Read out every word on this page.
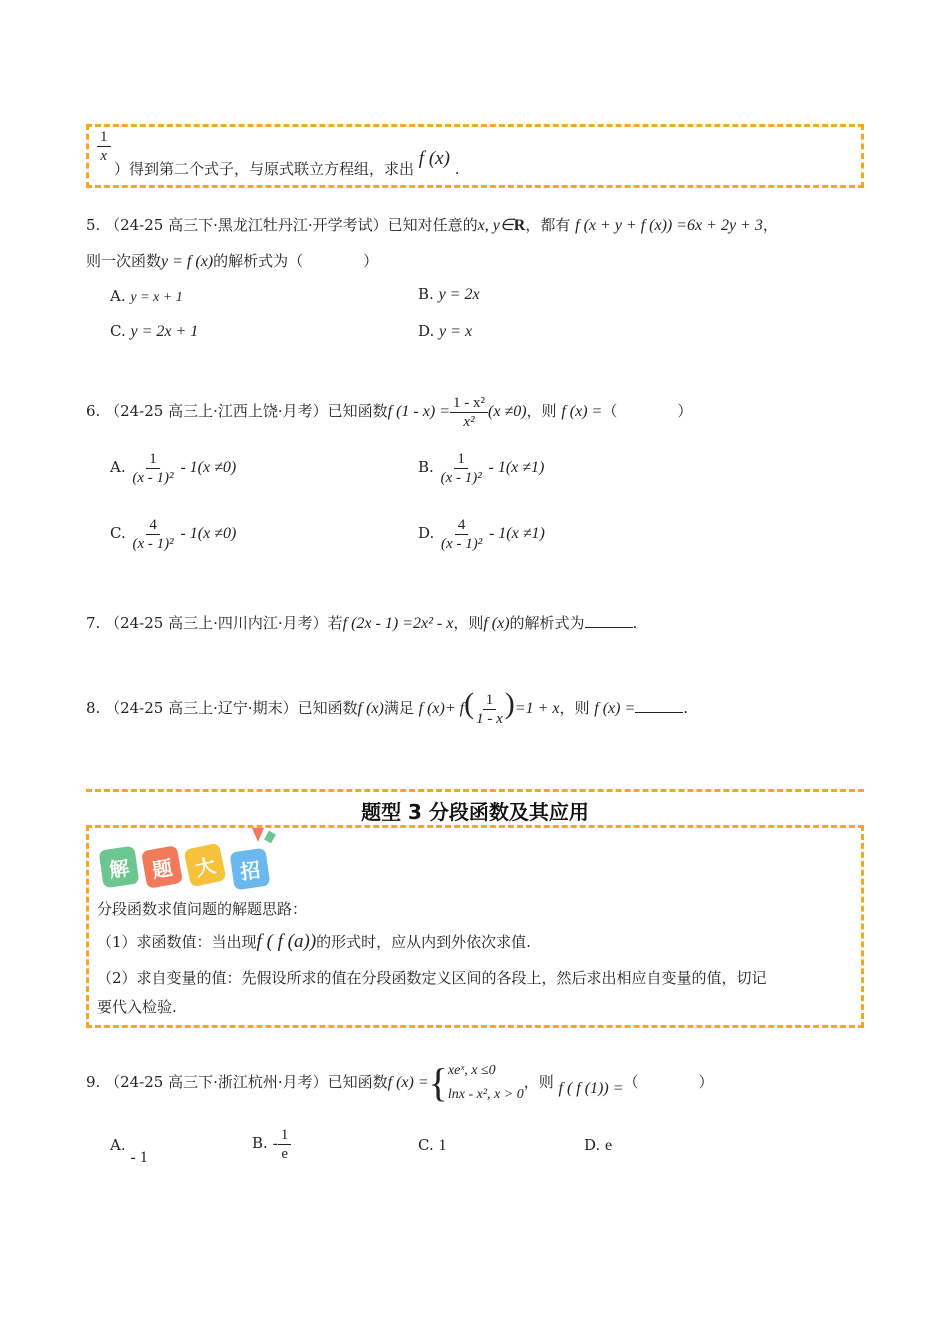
$\frac{1}{x}$
）得到第二个式子，与原式联立方程组，求出 f (x) .
5. （24-25 高三下·黑龙江牡丹江·开学考试）已知对任意的x, y∈R，都有 f (x + y + f (x)) =6x + 2y + 3，
则一次函数y = f (x)的解析式为（　　　　）
A. y = x + 1	B. y = 2x
C. y = 2x + 1	D. y = x
6. （24-25 高三上·江西上饶·月考）已知函数f $(1 - x) = \frac{\text{1 - x²}}{\text{x²}} (x \ne 0)$，则 f (x) =（　　　　）
A. $\frac{1}{\text{(x - 1)²}} - 1(x \ne 0)$	B. $\frac{1}{\text{(x - 1)²}} - 1(x \ne 1)$
C. $\frac{4}{\text{(x - 1)²}} - 1(x \ne 0)$	D. $\frac{4}{\text{(x - 1)²}} - 1(x \ne 1)$
7. （24-25 高三上·四川内江·月考）若f (2x - 1) =2x² - x，则f (x)的解析式为	.
8. （24-25 高三上·辽宁·期末）已知函数f (x)满足 f $(x)+ f( \frac{1}{1 - x} )=1 + x$，则 f (x) =	.
题型 3 分段函数及其应用
解 题 大	招
分段函数求值问题的解题思路：
（1）求函数值：当出现f ( f (a))的形式时，应从内到外依次求值.
（2）求自变量的值：先假设所求的值在分段函数定义区间的各段上，然后求出相应自变量的值，切记
要代入检验.
9. （24-25 高三下·浙江杭州·月考）已知函数f (x) ={ xeˣ, x ≤0
lnx - x², x > 0
，则 f ( f (1)) =（　　　　）
A. - 1
B. - $\frac{1}{e}$	C. 1	D. e
